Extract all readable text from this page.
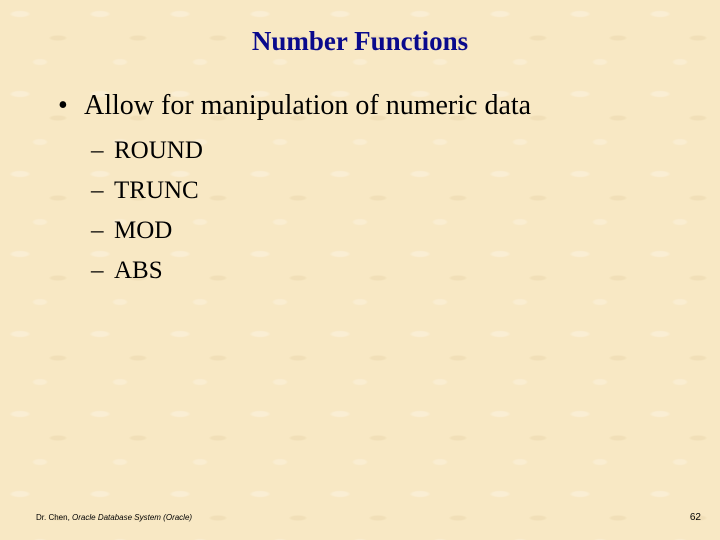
Number Functions
• Allow for manipulation of numeric data
– ROUND
– TRUNC
– MOD
– ABS
Dr. Chen, Oracle Database System (Oracle)	62
